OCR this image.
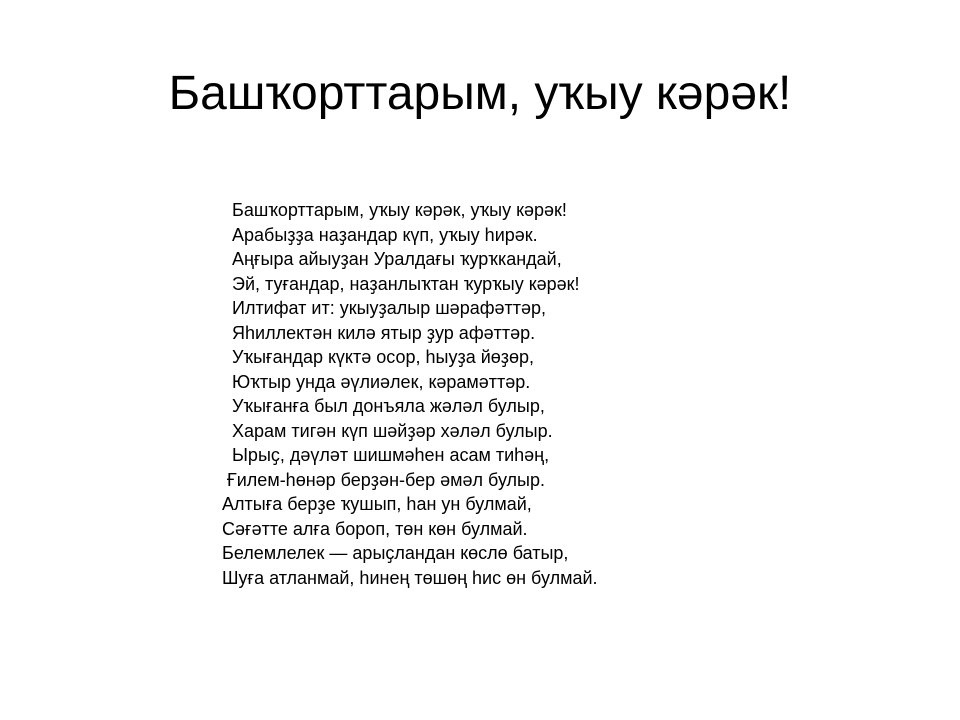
Башҡорттарым, уҡыу кәрәк!
Башҡорттарым, уҡыу кәрәк, уҡыу кәрәк!
Арабыҙҙа наҙандар күп, уҡыу һирәк.
Аңғыра айыуҙан Уралдағы ҡурҡкандай,
Эй, туғандар, наҙанлыҡтан ҡурҡыу кәрәк!
Илтифат ит: укыуҙалыр шәрафәттәр,
Яһиллектән килә ятыр ҙур афәттәр.
Уҡығандар күктә осор, һыуҙа йөҙөр,
Юҡтыр унда әүлиәлек, кәрамәттәр.
Уҡығанға был донъяла жәләл булыр,
Харам тигән күп шәйҙәр хәләл булыр.
Ырыҫ, дәүләт шишмәһен асам тиһәң,
Ғилем-һөнәр берҙән-бер әмәл булыр.
Алтыға берҙе ҡушып, һан ун булмай,
Сәғәтте алға бороп, төн көн булмай.
Белемлелек — арыҫландан көслө батыр,
Шуға атланмай, һинең төшөң һис өн булмай.
